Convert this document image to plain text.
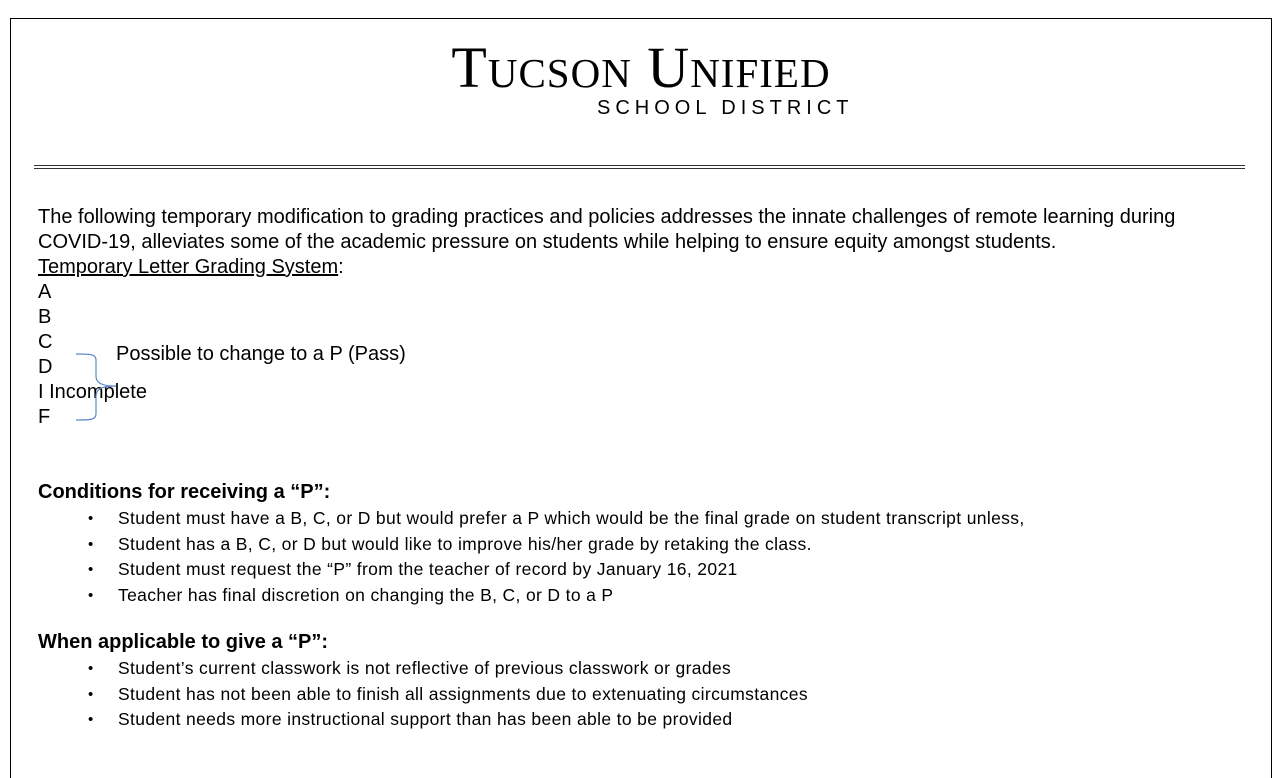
Tucson Unified
SCHOOL DISTRICT

The following temporary modification to grading practices and policies addresses the innate challenges of remote learning during COVID-19, alleviates some of the academic pressure on students while helping to ensure equity amongst students.

Temporary Letter Grading System:
A
B
C
D
I Incomplete
F
Possible to change to a P (Pass)
Conditions for receiving a “P”:
• Student must have a B, C, or D but would prefer a P which would be the final grade on student transcript unless,
• Student has a B, C, or D but would like to improve his/her grade by retaking the class.
• Student must request the “P” from the teacher of record by January 16, 2021
• Teacher has final discretion on changing the B, C, or D to a P
When applicable to give a “P”:
• Student’s current classwork is not reflective of previous classwork or grades
• Student has not been able to finish all assignments due to extenuating circumstances
• Student needs more instructional support than has been able to be provided
